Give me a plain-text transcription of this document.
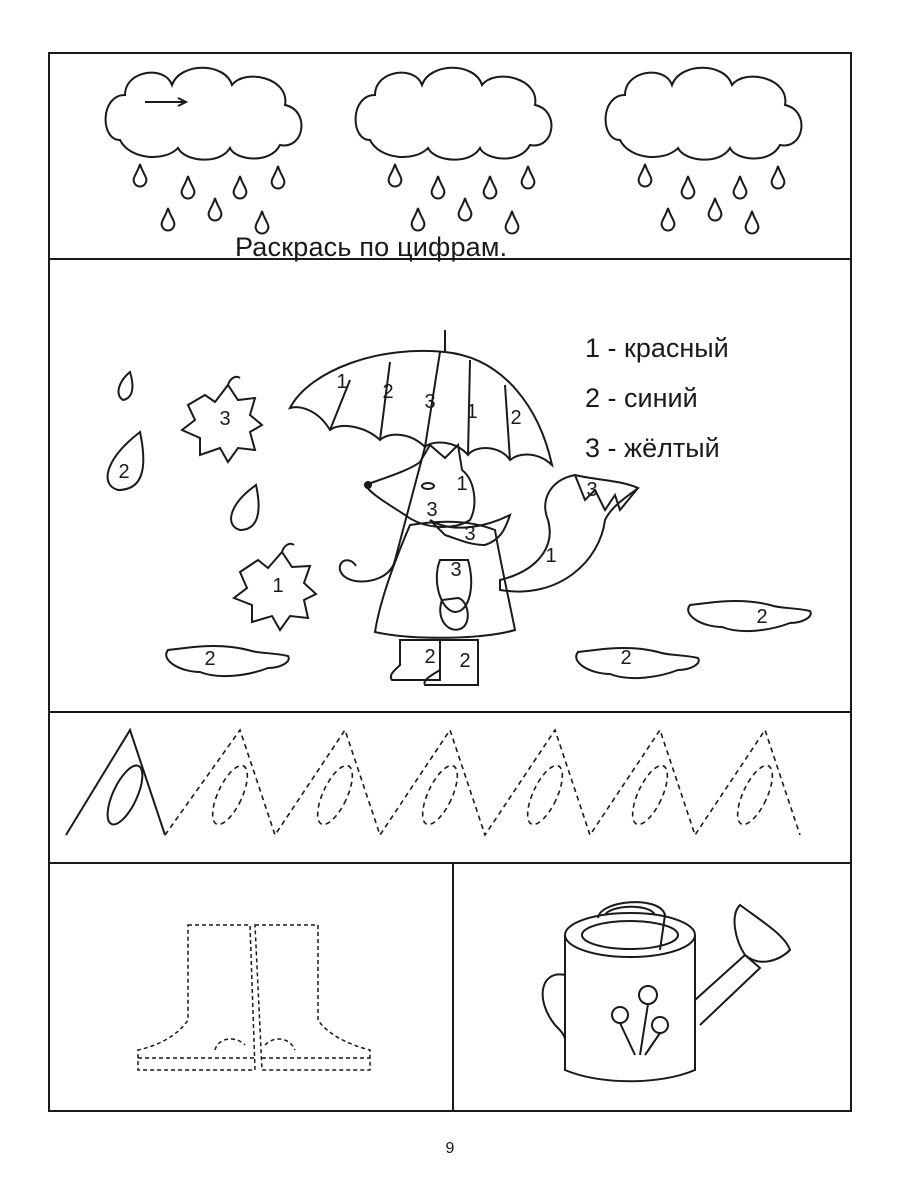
Раскрась по цифрам.
1 - красный
2 - синий
3 - жёлтый
1 2 3 1 2
3
3
3
1
3
1
2
3
2	2 2	2
2
1
9
